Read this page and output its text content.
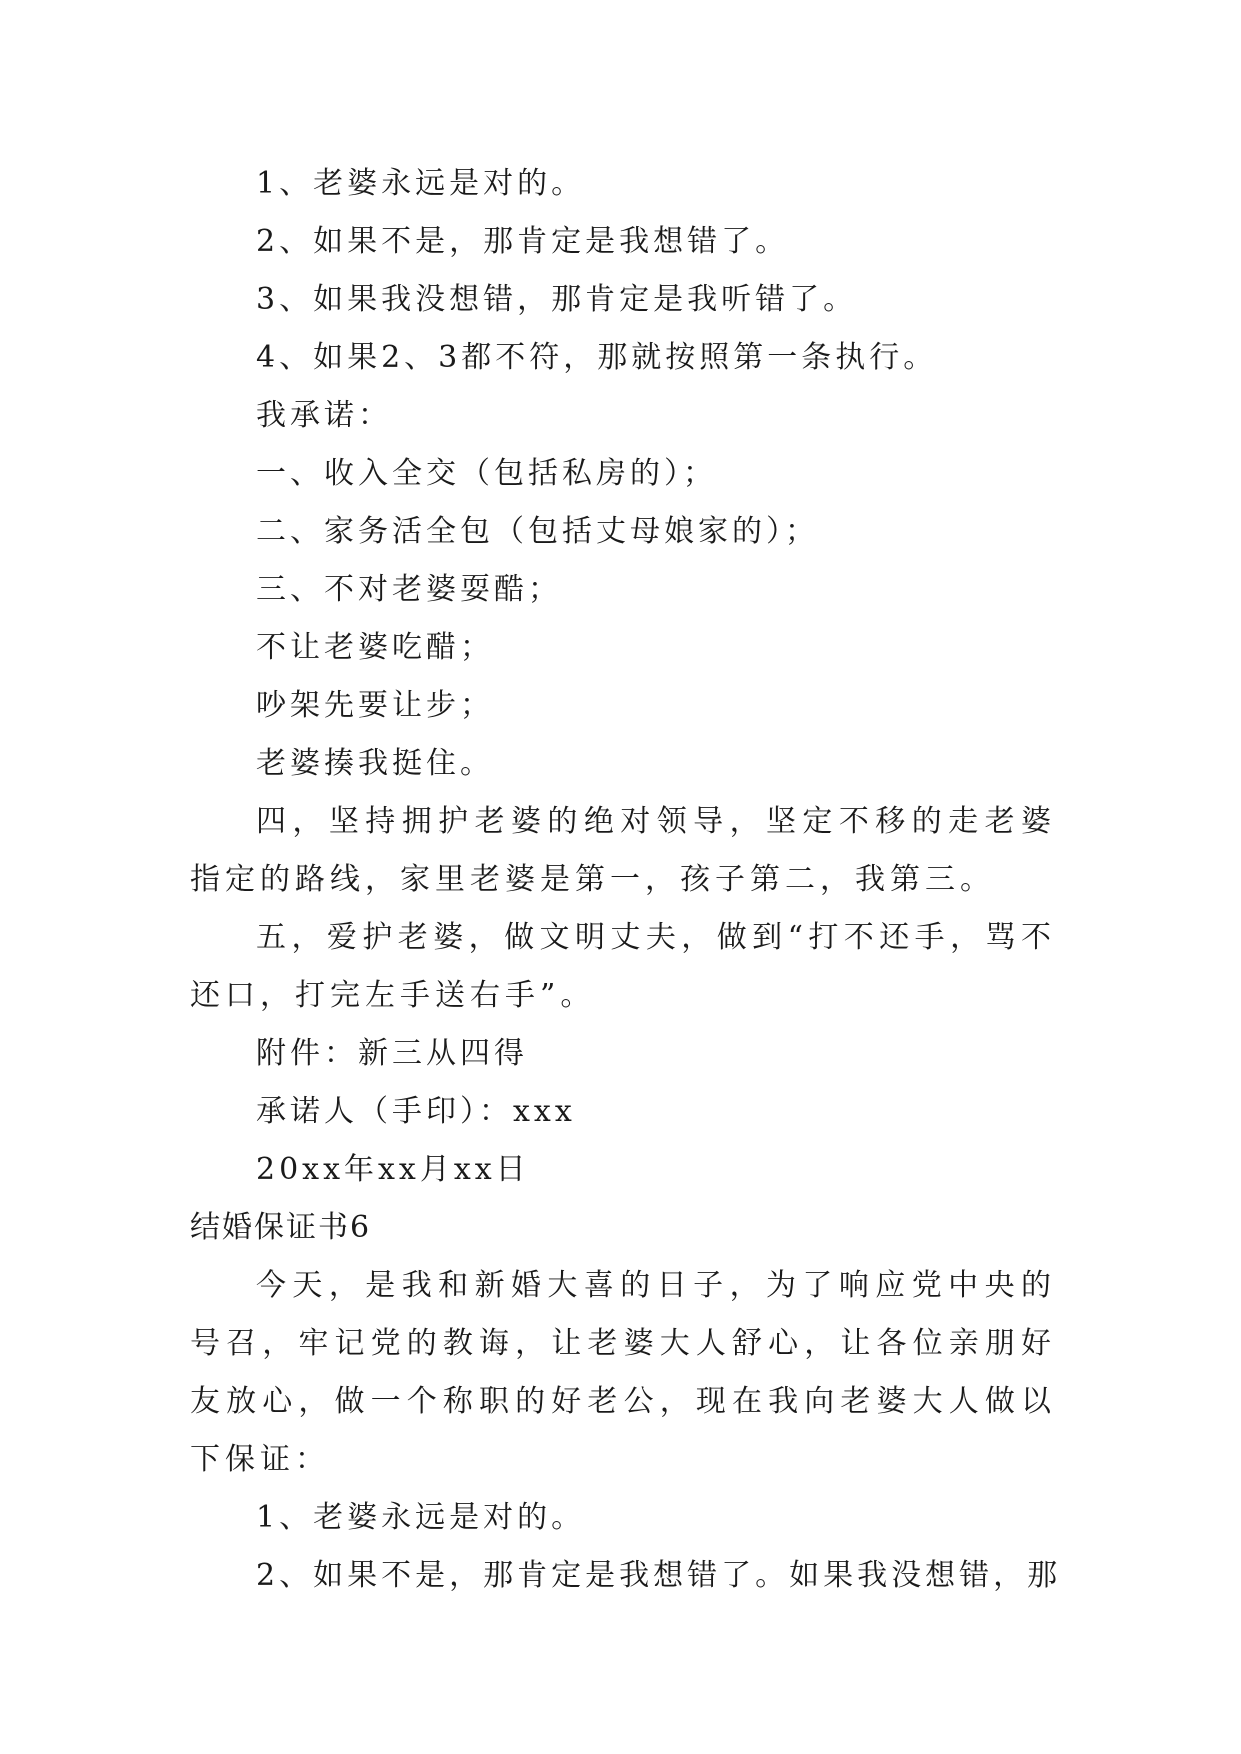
1、老婆永远是对的。

2、如果不是，那肯定是我想错了。

3、如果我没想错，那肯定是我听错了。

4、如果2、3都不符，那就按照第一条执行。

我承诺：

一、收入全交（包括私房的）；

二、家务活全包（包括丈母娘家的）；

三、不对老婆耍酷；

不让老婆吃醋；

吵架先要让步；

老婆揍我挺住。

四，坚持拥护老婆的绝对领导，坚定不移的走老婆指定的路线，家里老婆是第一，孩子第二，我第三。

五，爱护老婆，做文明丈夫，做到“打不还手，骂不还口，打完左手送右手”。

附件：新三从四得

承诺人（手印）：xxx

20xx年xx月xx日

结婚保证书6

今天，是我和新婚大喜的日子，为了响应党中央的号召，牢记党的教诲，让老婆大人舒心，让各位亲朋好友放心，做一个称职的好老公，现在我向老婆大人做以下保证：

1、老婆永远是对的。

2、如果不是，那肯定是我想错了。如果我没想错，那
